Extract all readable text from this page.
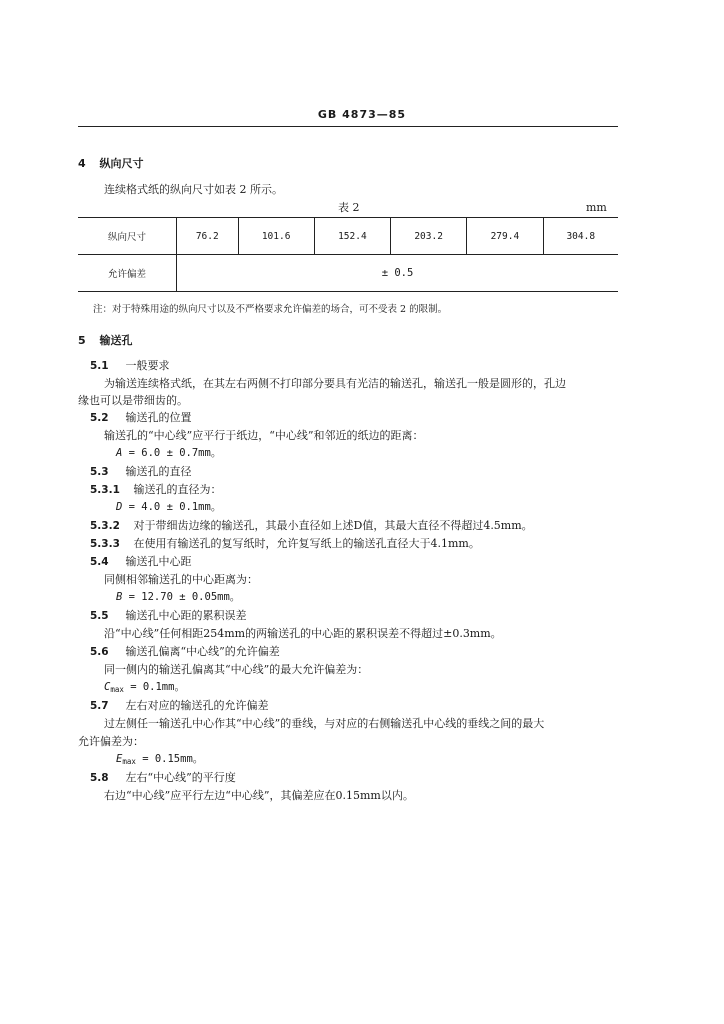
GB 4873—85
4 纵向尺寸
连续格式纸的纵向尺寸如表 2 所示。
表 2	mm
纵向尺寸	76.2	101.6	152.4	203.2	279.4	304.8
允许偏差	± 0.5					
注：对于特殊用途的纵向尺寸以及不严格要求允许偏差的场合，可不受表 2 的限制。
5 输送孔
5.1 一般要求
为输送连续格式纸，在其左右两侧不打印部分要具有光洁的输送孔，输送孔一般是圆形的，孔边
缘也可以是带细齿的。
5.2 输送孔的位置
输送孔的“中心线”应平行于纸边，“中心线”和邻近的纸边的距离：
A = 6.0 ± 0.7mm。
5.3 输送孔的直径
5.3.1 输送孔的直径为：
D = 4.0 ± 0.1mm。
5.3.2 对于带细齿边缘的输送孔，其最小直径如上述D值，其最大直径不得超过4.5mm。
5.3.3 在使用有输送孔的复写纸时，允许复写纸上的输送孔直径大于4.1mm。
5.4 输送孔中心距
同侧相邻输送孔的中心距离为：
B = 12.70 ± 0.05mm。
5.5 输送孔中心距的累积误差
沿“中心线”任何相距254mm的两输送孔的中心距的累积误差不得超过±0.3mm。
5.6 输送孔偏离“中心线”的允许偏差
同一侧内的输送孔偏离其“中心线”的最大允许偏差为：
$C_{max} = 0.1mm$。
5.7 左右对应的输送孔的允许偏差
过左侧任一输送孔中心作其“中心线”的垂线，与对应的右侧输送孔中心线的垂线之间的最大
允许偏差为：
$E_{max} = 0.15mm$。
5.8 左右“中心线”的平行度
右边“中心线”应平行左边“中心线”，其偏差应在0.15mm以内。
